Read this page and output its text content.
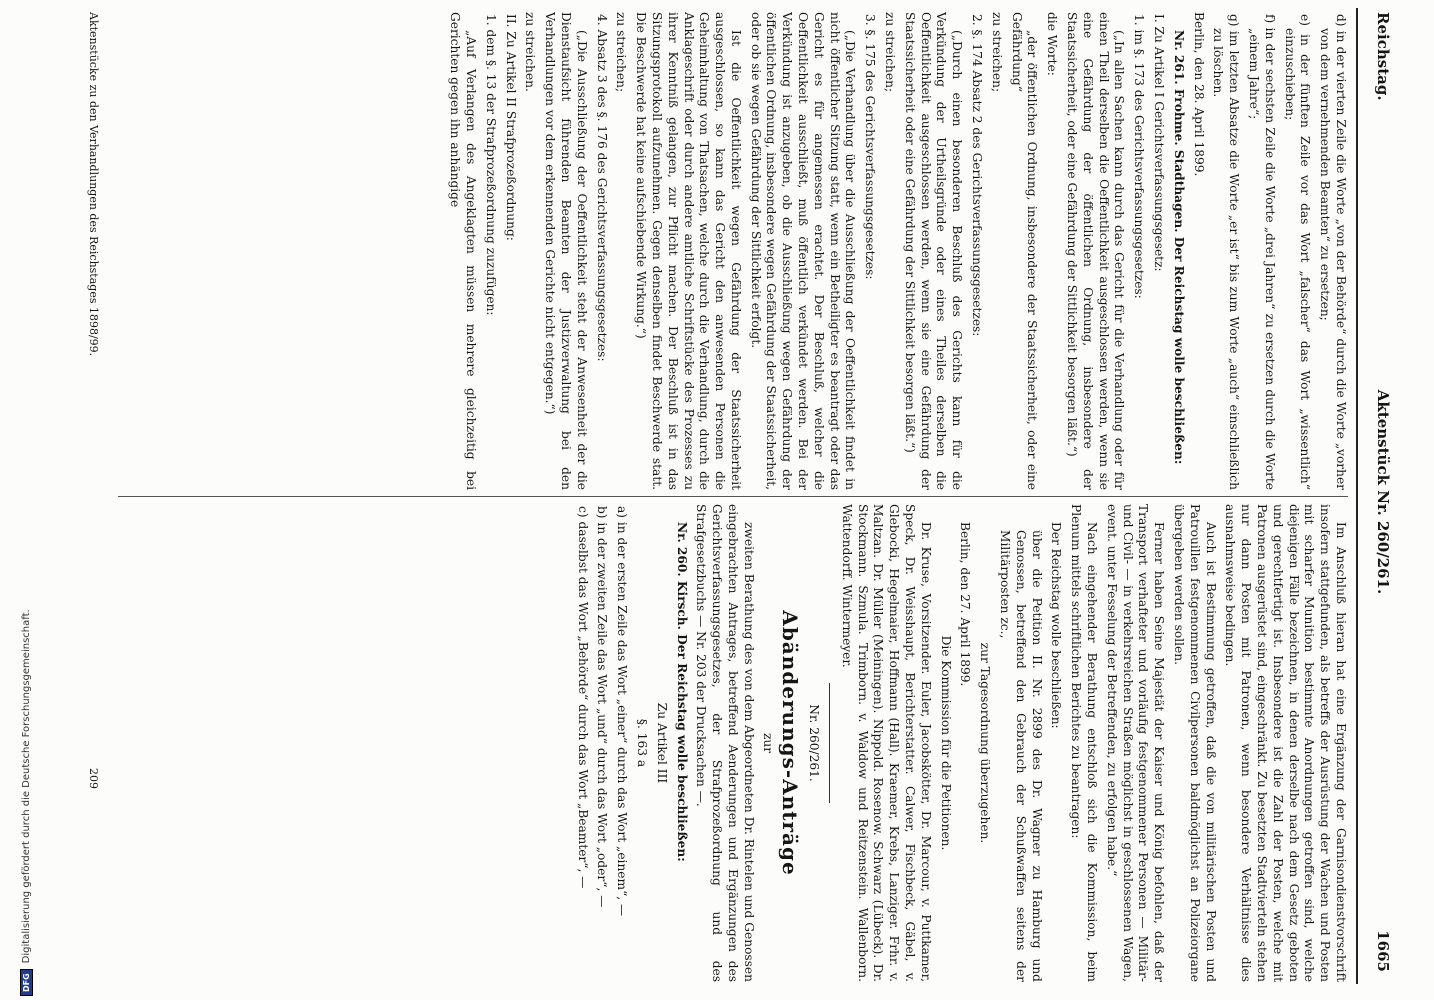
DFGDigitalisierung gefördert durch die Deutsche Forschungsgemeinschaft.
Reichstag.
Aktenstück Nr. 260/261.
1665

d) in der vierten Zeile die Worte „von der Behörde“ durch die Worte „vorher von dem vernehmenden Beamten“ zu ersetzen;

e) in der fünften Zeile vor das Wort „falscher“ das Wort „wissentlich“ einzuschieben;

f) in der sechsten Zeile die Worte „drei Jahren“ zu ersetzen durch die Worte „einem Jahre“;

g) im letzten Absatze die Worte „er ist“ bis zum Worte „auch“ einschließlich zu löschen.

Berlin, den 28. April 1899.

Nr. 261. Frohme. Stadthagen. Der Reichstag wolle beschließen:

I. Zu Artikel I Gerichtsverfassungsgesetz:

1. im §. 173 des Gerichtsverfassungsgesetzes:

(„In allen Sachen kann durch das Gericht für die Verhandlung oder für einen Theil derselben die Oeffentlichkeit ausgeschlossen werden, wenn sie eine Gefährdung der öffentlichen Ordnung, insbesondere der Staatssicherheit, oder eine Gefährdung der Sittlichkeit besorgen läßt.“)

die Worte:

„der öffentlichen Ordnung, insbesondere der Staatssicherheit, oder eine Gefährdung“

zu streichen;

2. §. 174 Absatz 2 des Gerichtsverfassungsgesetzes:

(„Durch einen besonderen Beschluß des Gerichts kann für die Verkündung der Urtheilsgründe oder eines Theiles derselben die Oeffentlichkeit ausgeschlossen werden, wenn sie eine Gefährdung der Staatssicherheit oder eine Gefährdung der Sittlichkeit besorgen läßt.“)

zu streichen;

3. §. 175 des Gerichtsverfassungsgesetzes:

(„Die Verhandlung über die Ausschließung der Oeffentlichkeit findet in nicht öffentlicher Sitzung statt, wenn ein Betheiligter es beantragt oder das Gericht es für angemessen erachtet. Der Beschluß, welcher die Oeffentlichkeit ausschließt, muß öffentlich verkündet werden. Bei der Verkündung ist anzugeben, ob die Ausschließung wegen Gefährdung der öffentlichen Ordnung, insbesondere wegen Gefährdung der Staatssicherheit, oder ob sie wegen Gefährdung der Sittlichkeit erfolgt.

Ist die Oeffentlichkeit wegen Gefährdung der Staatssicherheit ausgeschlossen, so kann das Gericht den anwesenden Personen die Geheimhaltung von Thatsachen, welche durch die Verhandlung, durch die Anklageschrift oder durch andere amtliche Schriftstücke des Prozesses zu ihrer Kenntniß gelangen, zur Pflicht machen. Der Beschluß ist in das Sitzungsprotokoll aufzunehmen. Gegen denselben findet Beschwerde statt. Die Beschwerde hat keine aufschiebende Wirkung.“)

zu streichen;

4. Absatz 3 des §. 176 des Gerichtsverfassungsgesetzes:

(„Die Ausschließung der Oeffentlichkeit steht der Anwesenheit der die Dienstaufsicht führenden Beamten der Justizverwaltung bei den Verhandlungen vor dem erkennenden Gerichte nicht entgegen.“)

zu streichen.

II. Zu Artikel II Strafprozeßordnung:

1. dem §. 13 der Strafprozeßordnung zuzufügen:

„Auf Verlangen des Angeklagten müssen mehrere gleichzeitig bei Gerichten gegen ihn anhängige

Im Anschluß hieran hat eine Ergänzung der Garnisondienstvorschrift insofern stattgefunden, als betreffs der Ausrüstung der Wachen und Posten mit scharfer Munition bestimmte Anordnungen getroffen sind, welche diejenigen Fälle bezeichnen, in denen derselbe nach dem Gesetz geboten und gerechtfertigt ist. Insbesondere ist die Zahl der Posten, welche mit Patronen ausgerüstet sind, eingeschränkt. Zu besetzten Stadtvierteln stehen nur dann Posten mit Patronen, wenn besondere Verhältnisse dies ausnahmsweise bedingen.

Auch ist Bestimmung getroffen, daß die von militärischen Posten und Patrouillen festgenommenen Civilpersonen baldmöglichst an Polizeiorgane übergeben werden sollen.

Ferner haben Seine Majestät der Kaiser und König befohlen, daß der Transport verhafteter und vorläufig festgenommener Personen — Militär- und Civil- — in verkehrsreichen Straßen möglichst in geschlossenen Wagen, event. unter Fesselung der Betreffenden, zu erfolgen habe.“

Nach eingehender Berathung entschloß sich die Kommission, beim Plenum mittels schriftlichen Berichtes zu beantragen:

Der Reichstag wolle beschließen:

über die Petition II. Nr. 2899 des Dr. Wagner zu Hamburg und Genossen, betreffend den Gebrauch der Schußwaffen seitens der Militärposten zc.,

zur Tagesordnung überzugehen.

Berlin, den 27. April 1899.

Die Kommission für die Petitionen.

Dr. Kruse, Vorsitzender. Euler, Jacobskötter, Dr. Marcour, v. Puttkamer, Speck, Dr. Weisshaupt, Berichterstatter. Calwer, Fischbeck, Gäbel, v. Glebocki, Hegelmaier, Hoffmann (Hall). Kraemer, Krebs, Lanziger. Frhr. v. Maltzan. Dr. Müller (Meiningen). Nippold. Rosenow. Schwarz (Lübeck). Dr. Stockmann. Szmula. Trimborn. v. Waldow und Reitzenstein. Wallenborn. Wattendorff. Wintermeyer.

Nr. 260/261.

Abänderungs-Anträge

zur

zweiten Berathung des von dem Abgeordneten Dr. Rintelen und Genossen eingebrachten Antrages, betreffend Aenderungen und Ergänzungen des Gerichtsverfassungsgesetzes, der Strafprozeßordnung und des Strafgesetzbuchs — Nr. 203 der Drucksachen —.

Nr. 260. Kirsch. Der Reichstag wolle beschließen:

Zu Artikel III

§. 163 a

a) in der ersten Zeile das Wort „einer“ durch das Wort „einem“, —

b) in der zweiten Zeile das Wort „und“ durch das Wort „oder“, —

c) daselbst das Wort „Behörde“ durch das Wort „Beamter“, —

Aktenstücke zu den Verhandlungen des Reichstages 1898/99.
209
